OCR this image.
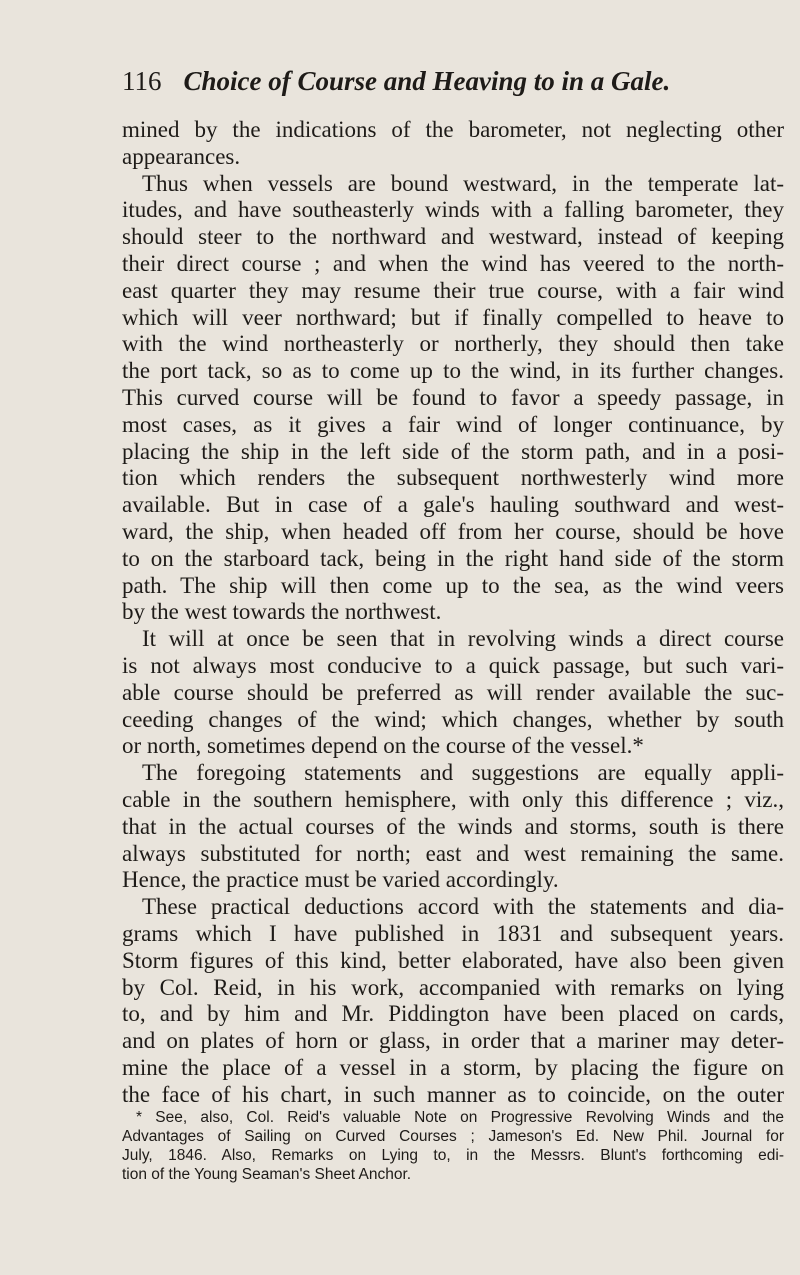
116 Choice of Course and Heaving to in a Gale.
mined by the indications of the barometer, not neglecting other
appearances.
Thus when vessels are bound westward, in the temperate lat-
itudes, and have southeasterly winds with a falling barometer, they
should steer to the northward and westward, instead of keeping
their direct course ; and when the wind has veered to the north-
east quarter they may resume their true course, with a fair wind
which will veer northward; but if finally compelled to heave to
with the wind northeasterly or northerly, they should then take
the port tack, so as to come up to the wind, in its further changes.
This curved course will be found to favor a speedy passage, in
most cases, as it gives a fair wind of longer continuance, by
placing the ship in the left side of the storm path, and in a posi-
tion which renders the subsequent northwesterly wind more
available. But in case of a gale's hauling southward and west-
ward, the ship, when headed off from her course, should be hove
to on the starboard tack, being in the right hand side of the storm
path. The ship will then come up to the sea, as the wind veers
by the west towards the northwest.
It will at once be seen that in revolving winds a direct course
is not always most conducive to a quick passage, but such vari-
able course should be preferred as will render available the suc-
ceeding changes of the wind; which changes, whether by south
or north, sometimes depend on the course of the vessel.*
The foregoing statements and suggestions are equally appli-
cable in the southern hemisphere, with only this difference ; viz.,
that in the actual courses of the winds and storms, south is there
always substituted for north; east and west remaining the same.
Hence, the practice must be varied accordingly.
These practical deductions accord with the statements and dia-
grams which I have published in 1831 and subsequent years.
Storm figures of this kind, better elaborated, have also been given
by Col. Reid, in his work, accompanied with remarks on lying
to, and by him and Mr. Piddington have been placed on cards,
and on plates of horn or glass, in order that a mariner may deter-
mine the place of a vessel in a storm, by placing the figure on
the face of his chart, in such manner as to coincide, on the outer
* See, also, Col. Reid's valuable Note on Progressive Revolving Winds and the
Advantages of Sailing on Curved Courses ; Jameson's Ed. New Phil. Journal for
July, 1846. Also, Remarks on Lying to, in the Messrs. Blunt's forthcoming edi-
tion of the Young Seaman's Sheet Anchor.
